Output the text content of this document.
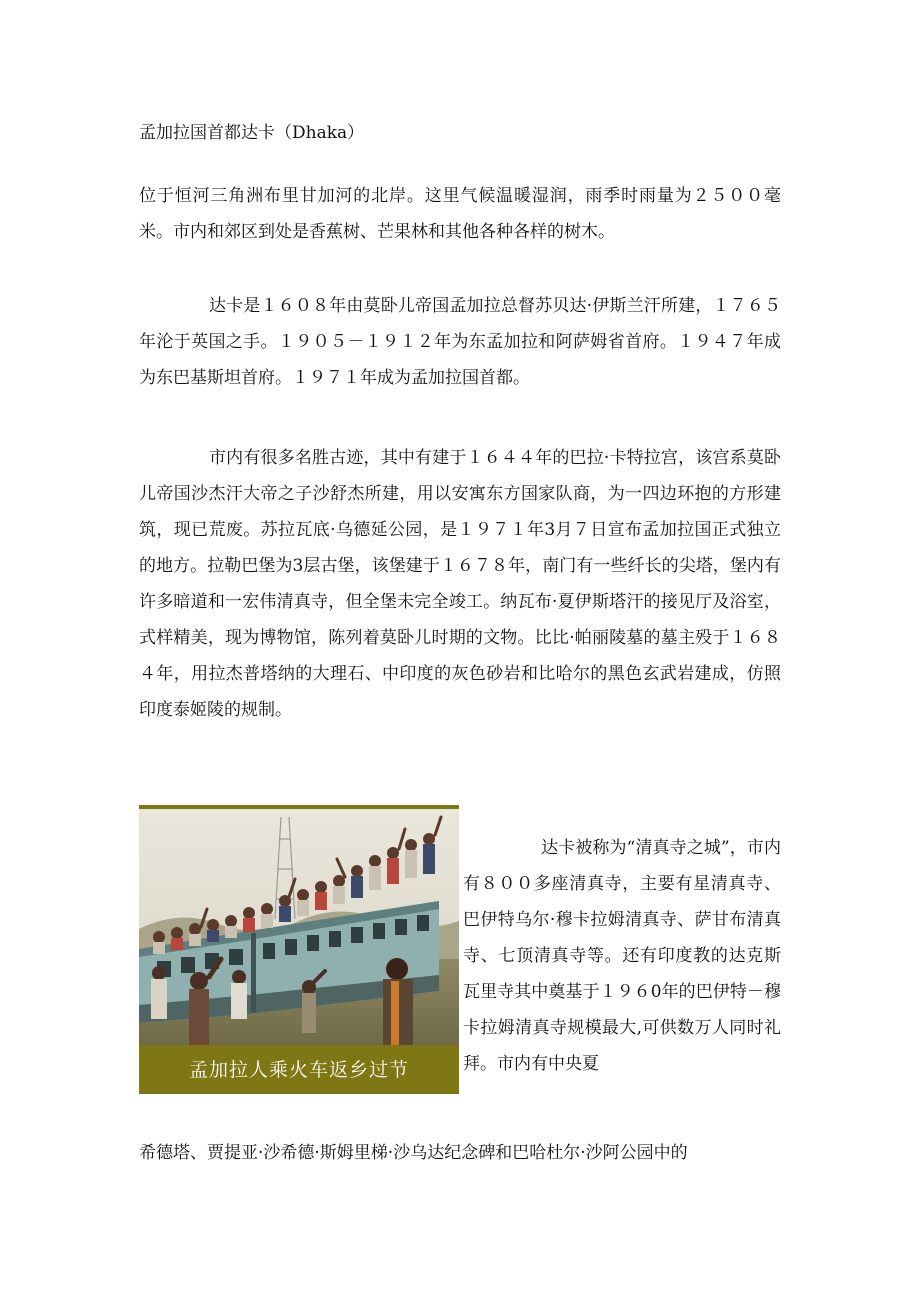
孟加拉国首都达卡（Dhaka）

位于恒河三角洲布里甘加河的北岸。这里气候温暖湿润，雨季时雨量为２５００毫米。市内和郊区到处是香蕉树、芒果林和其他各种各样的树木。

达卡是１６０８年由莫卧儿帝国孟加拉总督苏贝达·伊斯兰汗所建，１７６５年沦于英国之手。１９０５－１９１２年为东孟加拉和阿萨姆省首府。１９４７年成为东巴基斯坦首府。１９７１年成为孟加拉国首都。

市内有很多名胜古迹，其中有建于１６４４年的巴拉·卡特拉宫，该宫系莫卧儿帝国沙杰汗大帝之子沙舒杰所建，用以安寓东方国家队商，为一四边环抱的方形建筑，现已荒废。苏拉瓦底·乌德延公园，是１９７１年3月７日宣布孟加拉国正式独立的地方。拉勒巴堡为3层古堡，该堡建于１６７８年，南门有一些纤长的尖塔，堡内有许多暗道和一宏伟清真寺，但全堡未完全竣工。纳瓦布·夏伊斯塔汗的接见厅及浴室，式样精美，现为博物馆，陈列着莫卧儿时期的文物。比比·帕丽陵墓的墓主殁于１６８４年，用拉杰普塔纳的大理石、中印度的灰色砂岩和比哈尔的黑色玄武岩建成，仿照印度泰姬陵的规制。

孟加拉人乘火车返乡过节

达卡被称为“清真寺之城”，市内有８００多座清真寺，主要有星清真寺、巴伊特乌尔·穆卡拉姆清真寺、萨甘布清真寺、七顶清真寺等。还有印度教的达克斯瓦里寺其中奠基于１９６0年的巴伊特－穆卡拉姆清真寺规模最大,可供数万人同时礼拜。市内有中央夏

希德塔、贾提亚·沙希德·斯姆里梯·沙乌达纪念碑和巴哈杜尔·沙阿公园中的
